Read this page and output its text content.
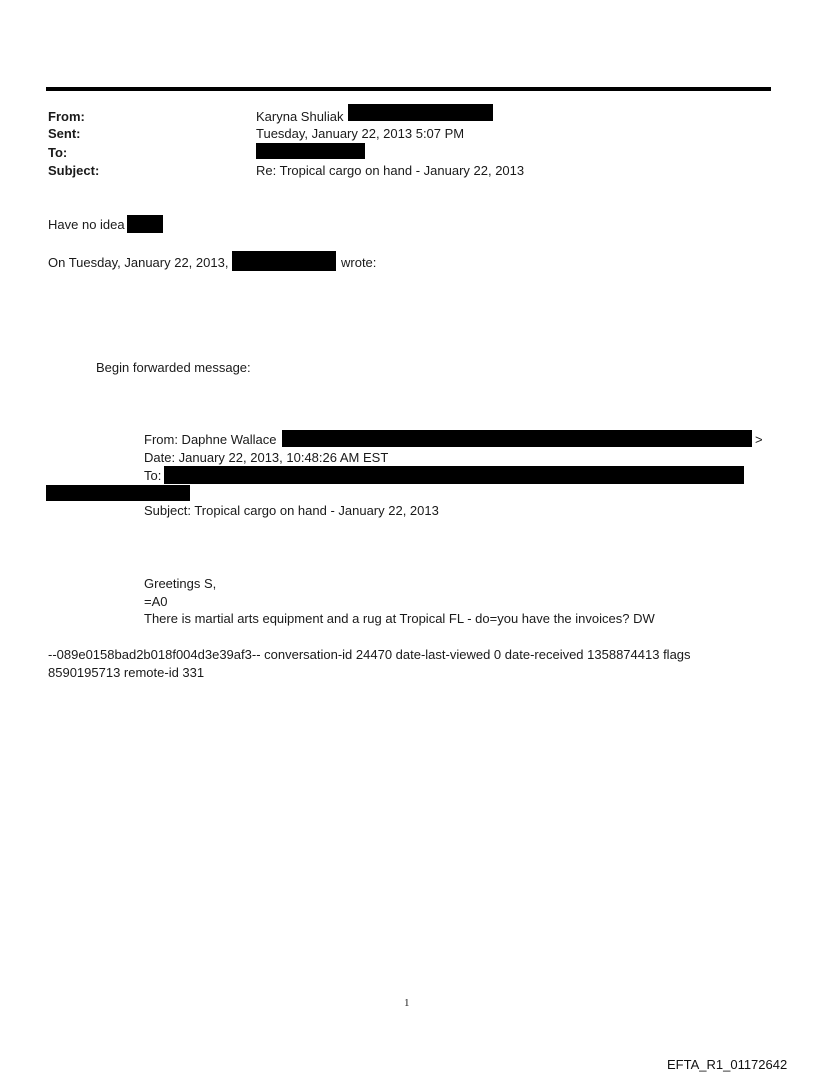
From:
Sent:
To:
Subject:
Karyna Shuliak
Tuesday, January 22, 2013 5:07 PM
Re: Tropical cargo on hand - January 22, 2013
Have no idea
On Tuesday, January 22, 2013,	wrote:
Begin forwarded message:
From: Daphne Wallace	>
Date: January 22, 2013, 10:48:26 AM EST
To:
Subject: Tropical cargo on hand - January 22, 2013
Greetings S,
=A0
There is martial arts equipment and a rug at Tropical FL - do=you have the invoices? DW
--089e0158bad2b018f004d3e39af3-- conversation-id 24470 date-last-viewed 0 date-received 1358874413 flags
8590195713 remote-id 331
1
EFTA_R1_01172642
